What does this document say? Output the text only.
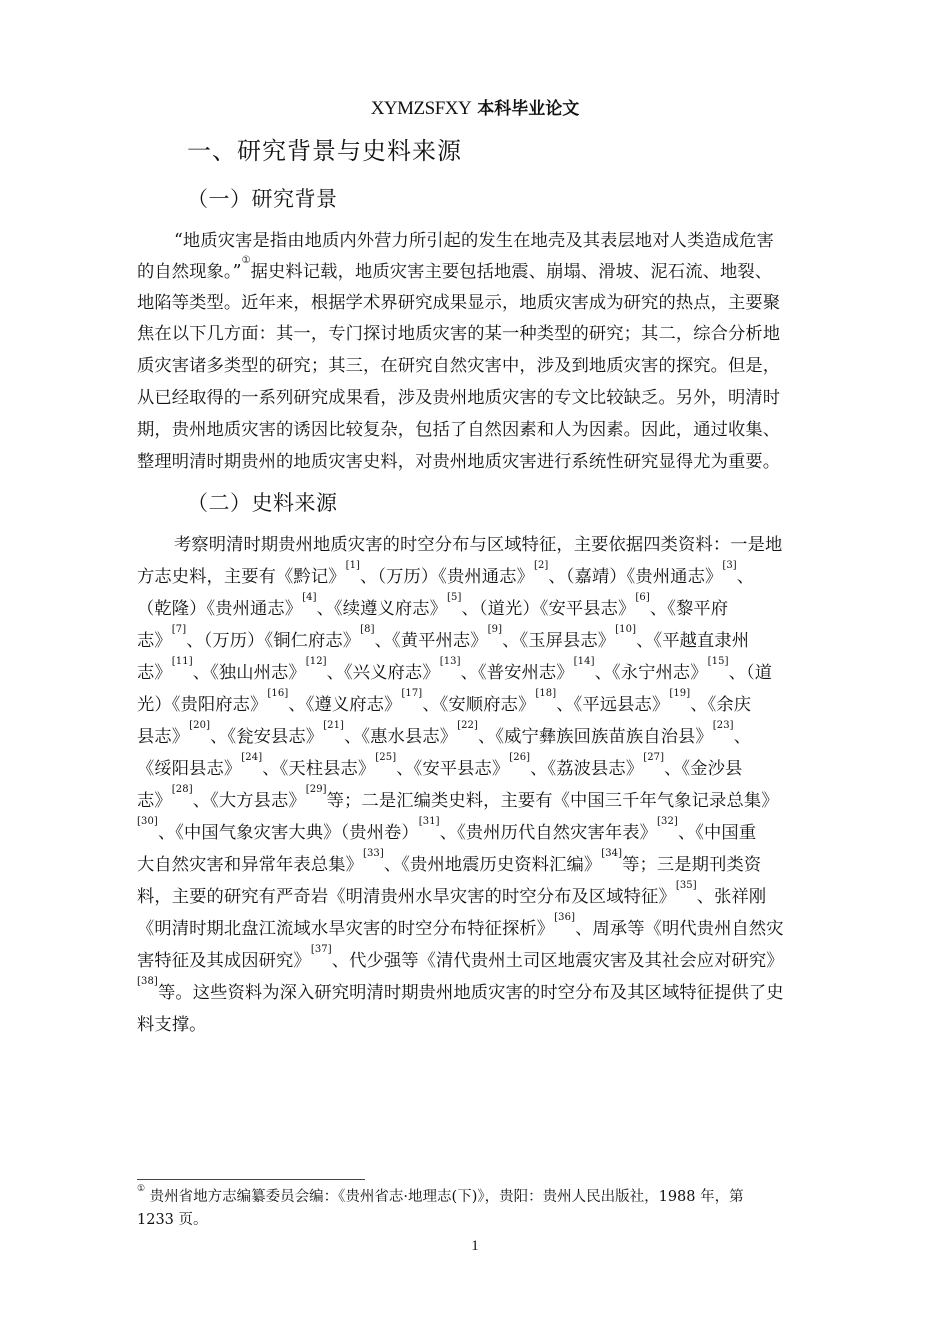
XYMZSFXY 本科毕业论文
一、研究背景与史料来源
（一）研究背景
“地质灾害是指由地质内外营力所引起的发生在地壳及其表层地对人类造成危害
的自然现象。”①据史料记载，地质灾害主要包括地震、崩塌、滑坡、泥石流、地裂、
地陷等类型。近年来，根据学术界研究成果显示，地质灾害成为研究的热点，主要聚
焦在以下几方面：其一，专门探讨地质灾害的某一种类型的研究；其二，综合分析地
质灾害诸多类型的研究；其三，在研究自然灾害中，涉及到地质灾害的探究。但是，
从已经取得的一系列研究成果看，涉及贵州地质灾害的专文比较缺乏。另外，明清时
期，贵州地质灾害的诱因比较复杂，包括了自然因素和人为因素。因此，通过收集、
整理明清时期贵州的地质灾害史料，对贵州地质灾害进行系统性研究显得尤为重要。
（二）史料来源
考察明清时期贵州地质灾害的时空分布与区域特征，主要依据四类资料：一是地
方志史料，主要有《黔记》[1]、（万历）《贵州通志》[2]、（嘉靖）《贵州通志》[3]、
（乾隆）《贵州通志》[4]、《续遵义府志》[5]、（道光）《安平县志》[6]、《黎平府
志》[7]、（万历）《铜仁府志》[8]、《黄平州志》[9]、《玉屏县志》[10]、《平越直隶州
志》[11]、《独山州志》[12]、《兴义府志》[13]、《普安州志》[14]、《永宁州志》[15]、（道
光）《贵阳府志》[16]、《遵义府志》[17]、《安顺府志》[18]、《平远县志》[19]、《余庆
县志》[20]、《瓮安县志》[21]、《惠水县志》[22]、《威宁彝族回族苗族自治县》[23]、
《绥阳县志》[24]、《天柱县志》[25]、《安平县志》[26]、《荔波县志》[27]、《金沙县
志》[28]、《大方县志》[29]等；二是汇编类史料，主要有《中国三千年气象记录总集》
[30]、《中国气象灾害大典》（贵州卷）[31]、《贵州历代自然灾害年表》[32]、《中国重
大自然灾害和异常年表总集》[33]、《贵州地震历史资料汇编》[34]等；三是期刊类资
料，主要的研究有严奇岩《明清贵州水旱灾害的时空分布及区域特征》[35]、张祥刚
《明清时期北盘江流域水旱灾害的时空分布特征探析》[36]、周承等《明代贵州自然灾
害特征及其成因研究》[37]、代少强等《清代贵州土司区地震灾害及其社会应对研究》
[38]等。这些资料为深入研究明清时期贵州地质灾害的时空分布及其区域特征提供了史
料支撑。
① 贵州省地方志编纂委员会编：《贵州省志·地理志(下)》，贵阳：贵州人民出版社，1988 年，第
1233 页。
1
